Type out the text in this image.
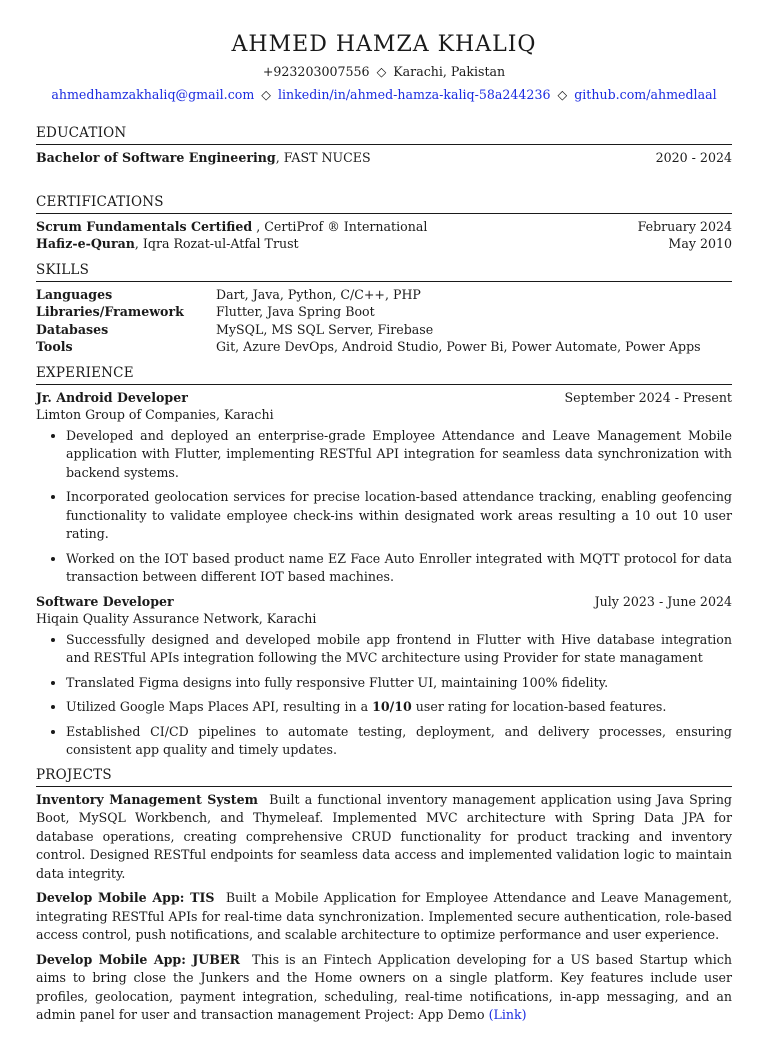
AHMED HAMZA KHALIQ
+923203007556 ◇ Karachi, Pakistan
ahmedhamzakhaliq@gmail.com ◇ linkedin/in/ahmed-hamza-kaliq-58a244236 ◇ github.com/ahmedlaal
EDUCATION
Bachelor of Software Engineering, FAST NUCES	2020 - 2024
CERTIFICATIONS
Scrum Fundamentals Certified , CertiProf ® International	February 2024
Hafiz-e-Quran, Iqra Rozat-ul-Atfal Trust	May 2010
SKILLS
Languages	Dart, Java, Python, C/C++, PHP
Libraries/Framework	Flutter, Java Spring Boot
Databases	MySQL, MS SQL Server, Firebase
Tools	Git, Azure DevOps, Android Studio, Power Bi, Power Automate, Power Apps
EXPERIENCE
Jr. Android Developer	September 2024 - Present
Limton Group of Companies, Karachi
• Developed and deployed an enterprise-grade Employee Attendance and Leave Management Mobile application with Flutter, implementing RESTful API integration for seamless data synchronization with backend systems.
• Incorporated geolocation services for precise location-based attendance tracking, enabling geofencing functionality to validate employee check-ins within designated work areas resulting a 10 out 10 user rating.
• Worked on the IOT based product name EZ Face Auto Enroller integrated with MQTT protocol for data transaction between different IOT based machines.
Software Developer	July 2023 - June 2024
Hiqain Quality Assurance Network, Karachi
• Successfully designed and developed mobile app frontend in Flutter with Hive database integration and RESTful APIs integration following the MVC architecture using Provider for state managament
• Translated Figma designs into fully responsive Flutter UI, maintaining 100% fidelity.
• Utilized Google Maps Places API, resulting in a 10/10 user rating for location-based features.
• Established CI/CD pipelines to automate testing, deployment, and delivery processes, ensuring consistent app quality and timely updates.
PROJECTS
Inventory Management System Built a functional inventory management application using Java Spring Boot, MySQL Workbench, and Thymeleaf. Implemented MVC architecture with Spring Data JPA for database operations, creating comprehensive CRUD functionality for product tracking and inventory control. Designed RESTful endpoints for seamless data access and implemented validation logic to maintain data integrity.
Develop Mobile App: TIS Built a Mobile Application for Employee Attendance and Leave Management, integrating RESTful APIs for real-time data synchronization. Implemented secure authentication, role-based access control, push notifications, and scalable architecture to optimize performance and user experience.
Develop Mobile App: JUBER This is an Fintech Application developing for a US based Startup which aims to bring close the Junkers and the Home owners on a single platform. Key features include user profiles, geolocation, payment integration, scheduling, real-time notifications, in-app messaging, and an admin panel for user and transaction management Project: App Demo (Link)
